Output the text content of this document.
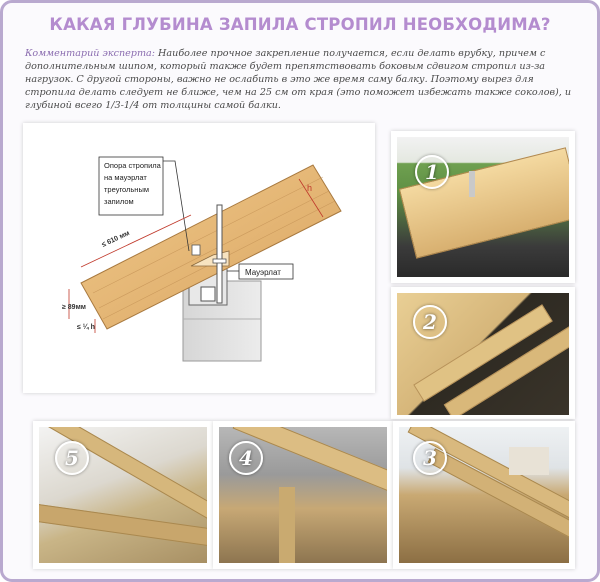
КАКАЯ ГЛУБИНА ЗАПИЛА СТРОПИЛ НЕОБХОДИМА?
Комментарий эксперта: Наиболее прочное закрепление получается, если делать врубку, причем с дополнительным шипом, который также будет препятствовать боковым сдвигом стропил из-за нагрузок. С другой стороны, важно не ослабить в это же время саму балку. Поэтому вырез для стропила делать следует не ближе, чем на 25 см от края (это поможет избежать также соколов), и глубиной всего 1/3-1/4 от толщины самой балки.
Опора стропила
на мауэрлат
треугольным
запилом
Мауэрлат
≤ 610 мм
≥ 89мм
≤ ¼ h
h
1
2
5	4	3
